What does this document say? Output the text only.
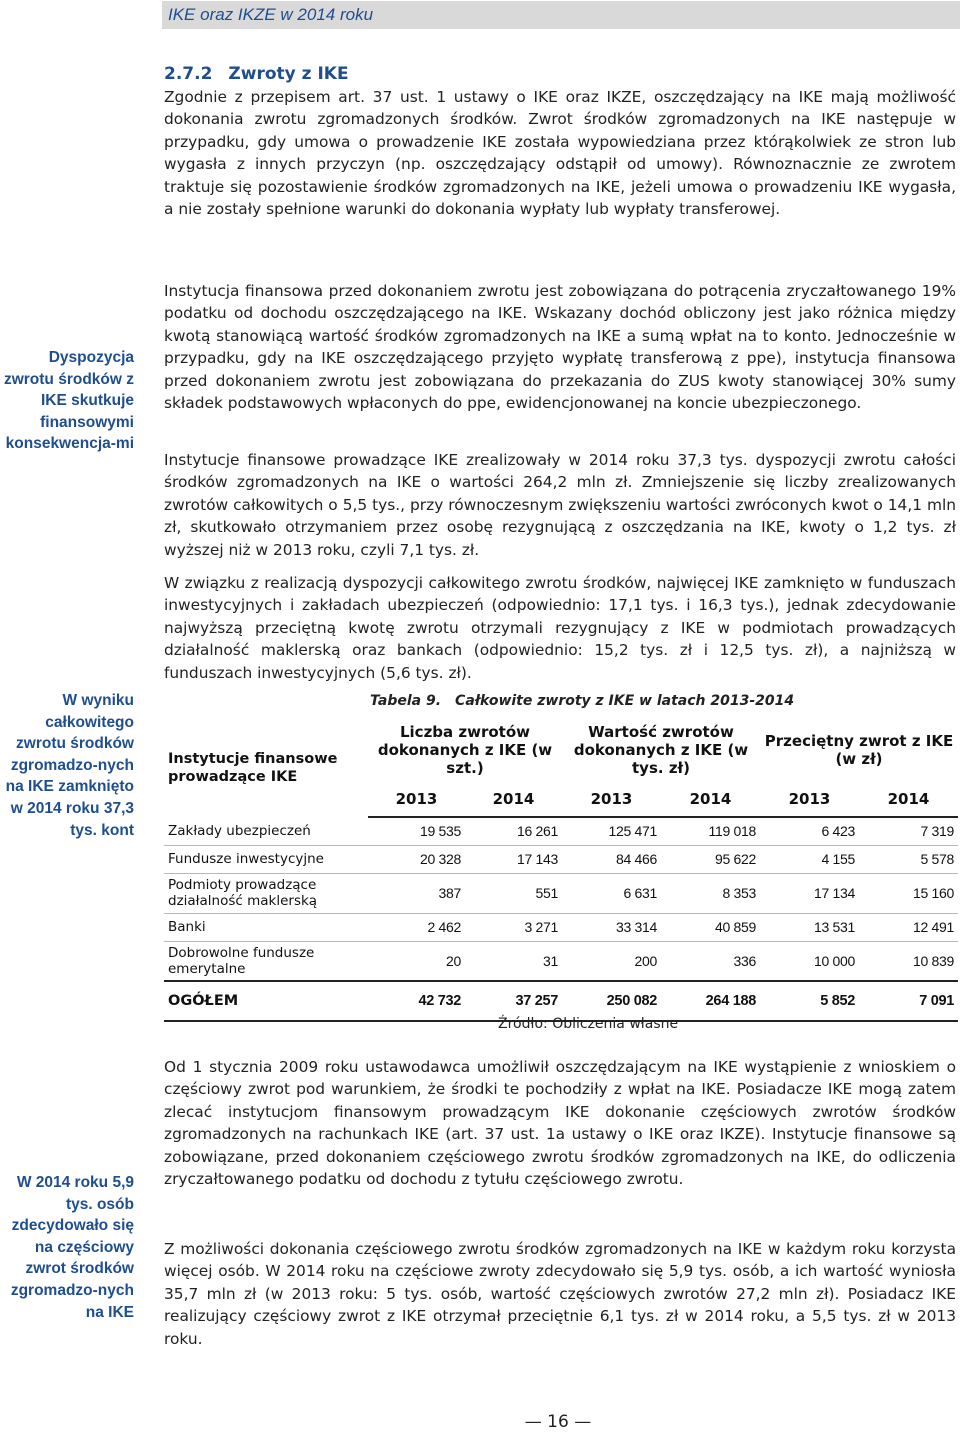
IKE oraz IKZE w 2014 roku
2.7.2 Zwroty z IKE
Zgodnie z przepisem art. 37 ust. 1 ustawy o IKE oraz IKZE, oszczędzający na IKE mają możliwość dokonania zwrotu zgromadzonych środków. Zwrot środków zgromadzonych na IKE następuje w przypadku, gdy umowa o prowadzenie IKE została wypowiedziana przez którąkolwiek ze stron lub wygasła z innych przyczyn (np. oszczędzający odstąpił od umowy). Równoznacznie ze zwrotem traktuje się pozostawienie środków zgromadzonych na IKE, jeżeli umowa o prowadzeniu IKE wygasła, a nie zostały spełnione warunki do dokonania wypłaty lub wypłaty transferowej.
Instytucja finansowa przed dokonaniem zwrotu jest zobowiązana do potrącenia zryczałtowanego 19% podatku od dochodu oszczędzającego na IKE. Wskazany dochód obliczony jest jako różnica między kwotą stanowiącą wartość środków zgromadzonych na IKE a sumą wpłat na to konto. Jednocześnie w przypadku, gdy na IKE oszczędzającego przyjęto wypłatę transferową z ppe), instytucja finansowa przed dokonaniem zwrotu jest zobowiązana do przekazania do ZUS kwoty stanowiącej 30% sumy składek podstawowych wpłaconych do ppe, ewidencjonowanej na koncie ubezpieczonego.
Instytucje finansowe prowadzące IKE zrealizowały w 2014 roku 37,3 tys. dyspozycji zwrotu całości środków zgromadzonych na IKE o wartości 264,2 mln zł. Zmniejszenie się liczby zrealizowanych zwrotów całkowitych o 5,5 tys., przy równoczesnym zwiększeniu wartości zwróconych kwot o 14,1 mln zł, skutkowało otrzymaniem przez osobę rezygnującą z oszczędzania na IKE, kwoty o 1,2 tys. zł wyższej niż w 2013 roku, czyli 7,1 tys. zł.
W związku z realizacją dyspozycji całkowitego zwrotu środków, najwięcej IKE zamknięto w funduszach inwestycyjnych i zakładach ubezpieczeń (odpowiednio: 17,1 tys. i 16,3 tys.), jednak zdecydowanie najwyższą przeciętną kwotę zwrotu otrzymali rezygnujący z IKE w podmiotach prowadzących działalność maklerską oraz bankach (odpowiednio: 15,2 tys. zł i 12,5 tys. zł), a najniższą w funduszach inwestycyjnych (5,6 tys. zł).
Dyspozycja zwrotu środków z IKE skutkuje finansowymi konsekwencja-mi
W wyniku całkowitego zwrotu środków zgromadzo-nych na IKE zamknięto w 2014 roku 37,3 tys. kont
W 2014 roku 5,9 tys. osób zdecydowało się na częściowy zwrot środków zgromadzo-nych na IKE
Tabela 9. Całkowite zwroty z IKE w latach 2013-2014
Instytucje finansowe prowadzące IKE	Liczba zwrotów dokonanych z IKE (w szt.)		Wartość zwrotów dokonanych z IKE (w tys. zł)		Przeciętny zwrot z IKE (w zł)	
	2013	2014	2013	2014	2013	2014
Zakłady ubezpieczeń	19 535	16 261	125 471	119 018	6 423	7 319
Fundusze inwestycyjne	20 328	17 143	84 466	95 622	4 155	5 578
Podmioty prowadzące działalność maklerską	387	551	6 631	8 353	17 134	15 160
Banki	2 462	3 271	33 314	40 859	13 531	12 491
Dobrowolne fundusze emerytalne	20	31	200	336	10 000	10 839
OGÓŁEM	42 732	37 257	250 082	264 188	5 852	7 091
Źródło: Obliczenia własne
Od 1 stycznia 2009 roku ustawodawca umożliwił oszczędzającym na IKE wystąpienie z wnioskiem o częściowy zwrot pod warunkiem, że środki te pochodziły z wpłat na IKE. Posiadacze IKE mogą zatem zlecać instytucjom finansowym prowadzącym IKE dokonanie częściowych zwrotów środków zgromadzonych na rachunkach IKE (art. 37 ust. 1a ustawy o IKE oraz IKZE). Instytucje finansowe są zobowiązane, przed dokonaniem częściowego zwrotu środków zgromadzonych na IKE, do odliczenia zryczałtowanego podatku od dochodu z tytułu częściowego zwrotu.
Z możliwości dokonania częściowego zwrotu środków zgromadzonych na IKE w każdym roku korzysta więcej osób. W 2014 roku na częściowe zwroty zdecydowało się 5,9 tys. osób, a ich wartość wyniosła 35,7 mln zł (w 2013 roku: 5 tys. osób, wartość częściowych zwrotów 27,2 mln zł). Posiadacz IKE realizujący częściowy zwrot z IKE otrzymał przeciętnie 6,1 tys. zł w 2014 roku, a 5,5 tys. zł w 2013 roku.
— 16 —
